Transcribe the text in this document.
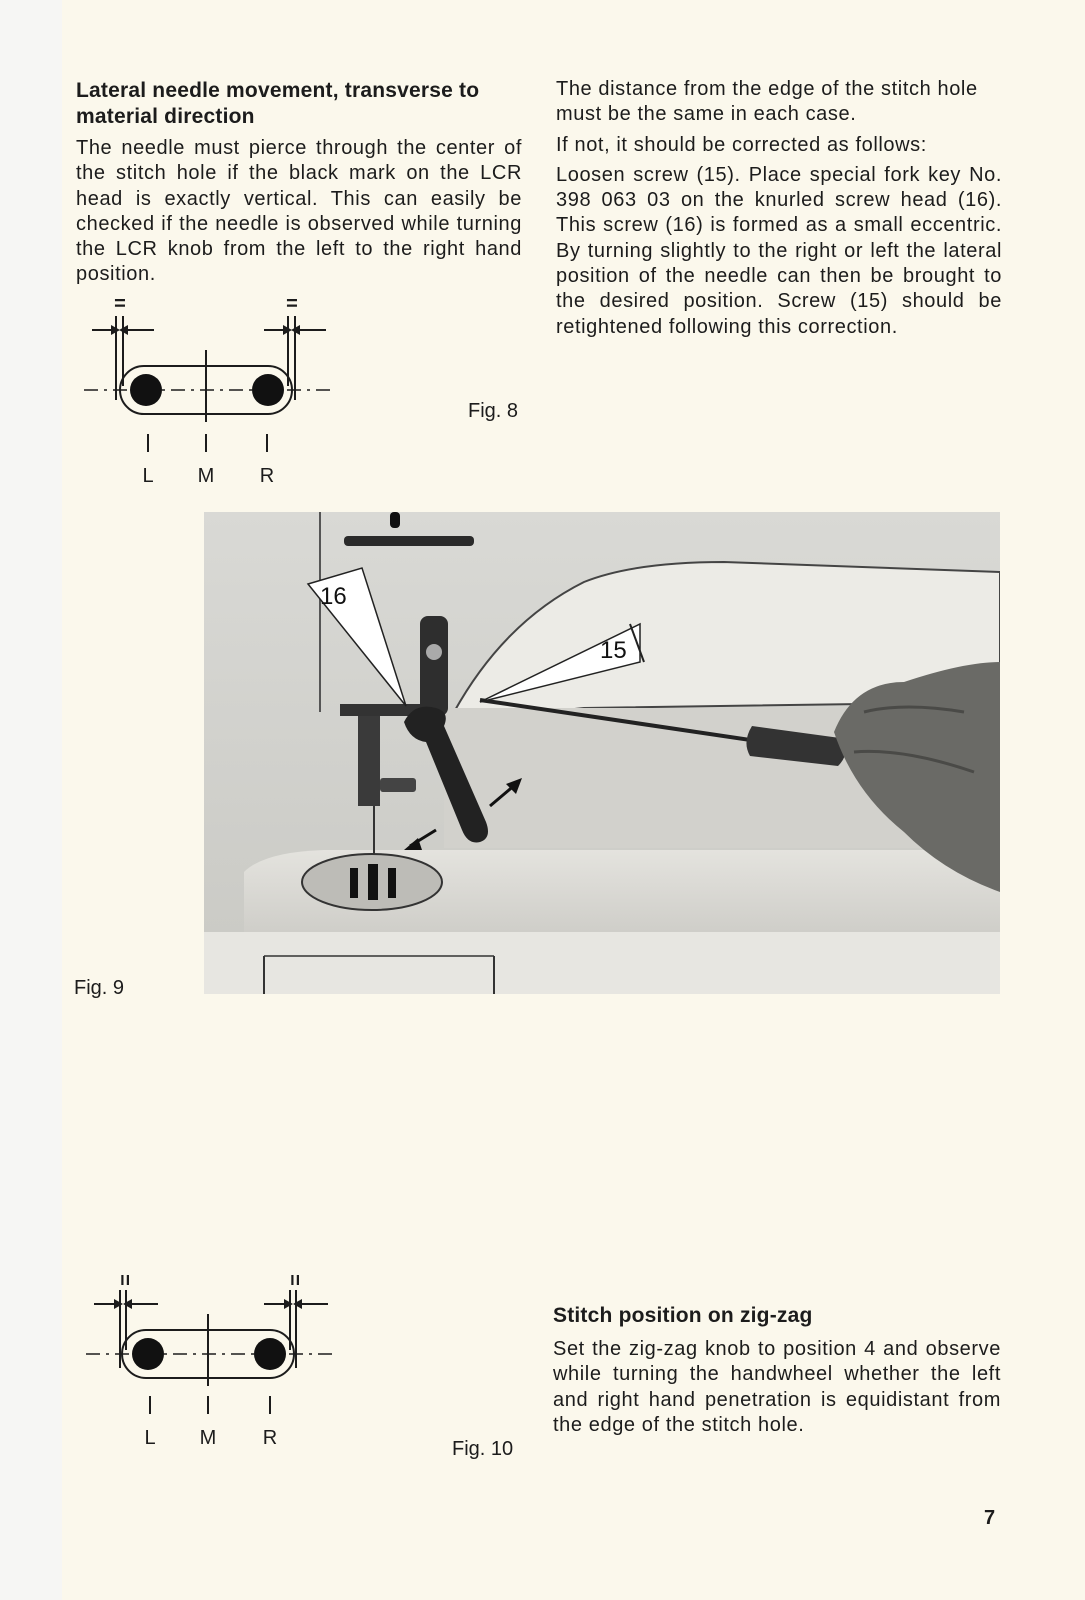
Lateral needle movement, transverse to material direction

The needle must pierce through the center of the stitch hole if the black mark on the LCR head is exactly vertical. This can easily be checked if the needle is observed while turning the LCR knob from the left to the right hand position.

The distance from the edge of the stitch hole must be the same in each case.

If not, it should be corrected as follows:

Loosen screw (15). Place special fork key No. 398 063 03 on the knurled screw head (16). This screw (16) is formed as a small eccentric. By turning slightly to the right or left the lateral position of the needle can then be brought to the desired position. Screw (15) should be retightened following this correction.

=	=
L M R
Fig. 8
16
15
Fig. 9
=	=
L M R	Fig. 10
Stitch position on zig-zag

Set the zig-zag knob to position 4 and observe while turning the handwheel whether the left and right hand penetration is equidistant from the edge of the stitch hole.

7
